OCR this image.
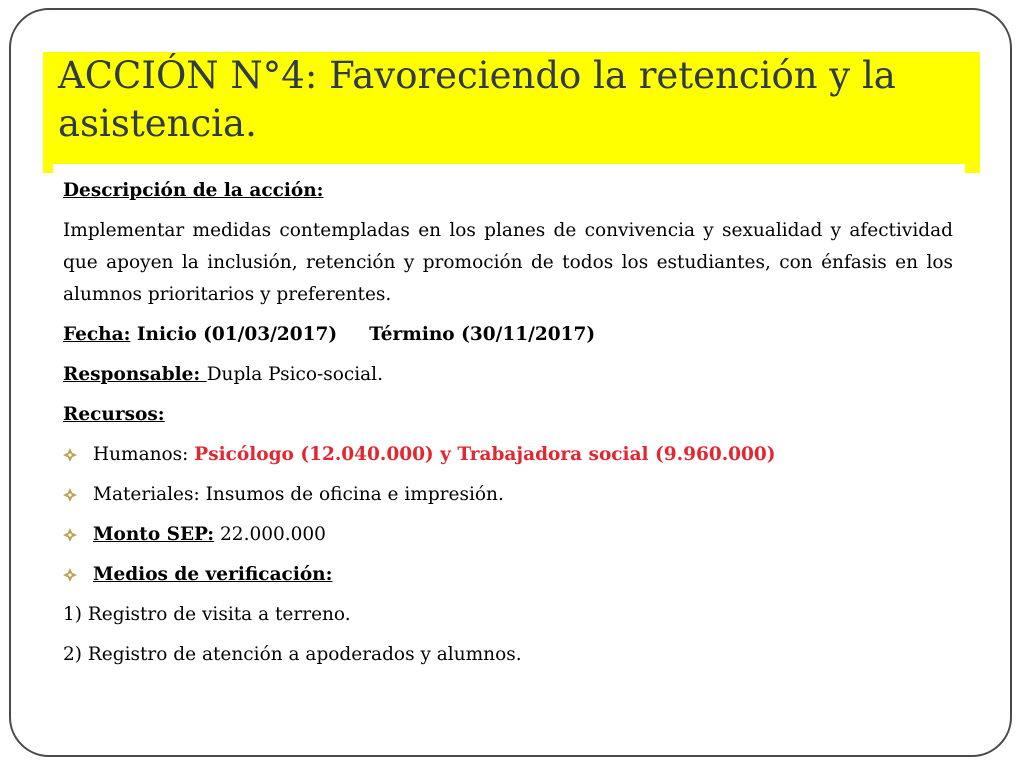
ACCIÓN N°4: Favoreciendo la retención y la asistencia.

Descripción de la acción:

Implementar medidas contempladas en los planes de convivencia y sexualidad y afectividad que apoyen la inclusión, retención y promoción de todos los estudiantes, con énfasis en los alumnos prioritarios y preferentes.

Fecha: Inicio (01/03/2017) Término (30/11/2017)

Responsable: Dupla Psico-social.

Recursos:

Humanos: Psicólogo (12.040.000) y Trabajadora social (9.960.000)
Materiales: Insumos de oficina e impresión.
Monto SEP: 22.000.000
Medios de verificación:

1) Registro de visita a terreno.

2) Registro de atención a apoderados y alumnos.
